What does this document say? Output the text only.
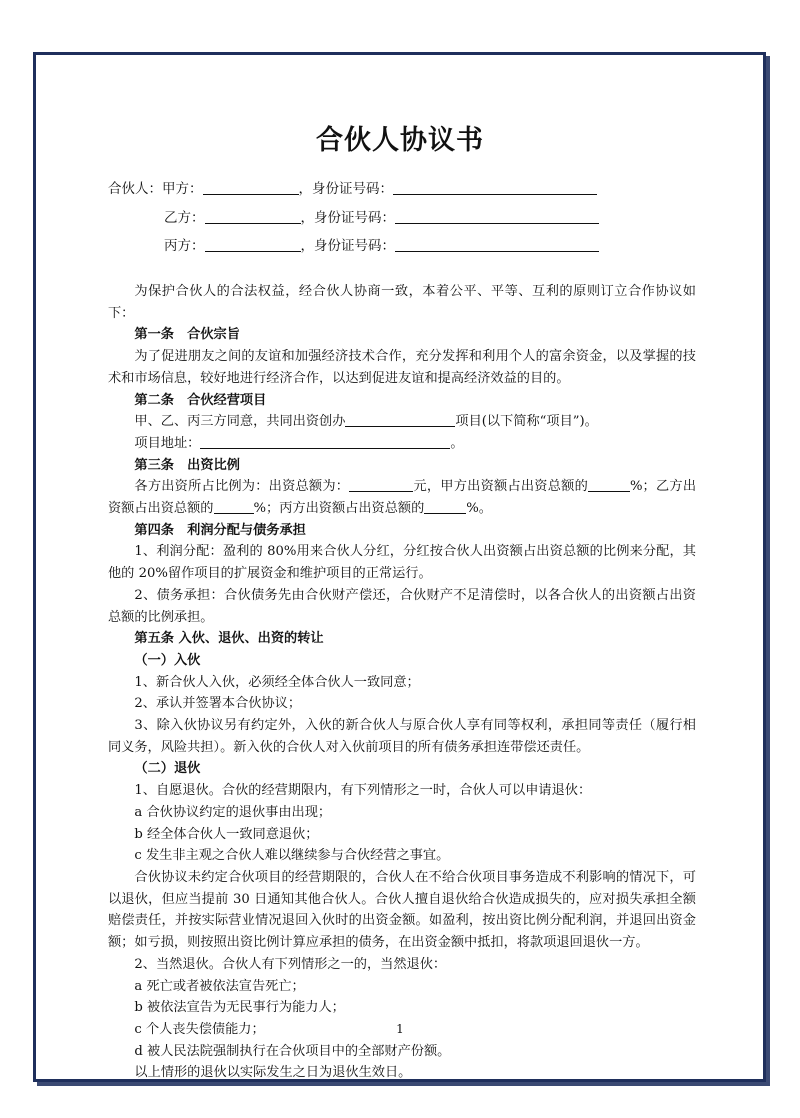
合伙人协议书
合伙人：甲方：	，身份证号码：
乙方：	，身份证号码：
丙方：	，身份证号码：

为保护合伙人的合法权益，经合伙人协商一致，本着公平、平等、互利的原则订立合作协议如下：

第一条　合伙宗旨

为了促进朋友之间的友谊和加强经济技术合作，充分发挥和利用个人的富余资金，以及掌握的技术和市场信息，较好地进行经济合作，以达到促进友谊和提高经济效益的目的。

第二条　合伙经营项目

甲、乙、丙三方同意，共同出资创办	项目(以下简称“项目”)。

项目地址：	。

第三条　出资比例

各方出资所占比例为：出资总额为：	元，甲方出资额占出资总额的	%；乙方出资额占出资总额的	%；丙方出资额占出资总额的	%。

第四条　利润分配与债务承担

1、利润分配：盈利的 80%用来合伙人分红，分红按合伙人出资额占出资总额的比例来分配，其他的 20%留作项目的扩展资金和维护项目的正常运行。

2、债务承担：合伙债务先由合伙财产偿还，合伙财产不足清偿时，以各合伙人的出资额占出资总额的比例承担。

第五条 入伙、退伙、出资的转让

（一）入伙

1、新合伙人入伙，必须经全体合伙人一致同意；

2、承认并签署本合伙协议；

3、除入伙协议另有约定外，入伙的新合伙人与原合伙人享有同等权利，承担同等责任（履行相同义务，风险共担）。新入伙的合伙人对入伙前项目的所有债务承担连带偿还责任。

（二）退伙

1、自愿退伙。合伙的经营期限内，有下列情形之一时，合伙人可以申请退伙：

a 合伙协议约定的退伙事由出现；

b 经全体合伙人一致同意退伙；

c 发生非主观之合伙人难以继续参与合伙经营之事宜。

合伙协议未约定合伙项目的经营期限的，合伙人在不给合伙项目事务造成不利影响的情况下，可以退伙，但应当提前 30 日通知其他合伙人。合伙人擅自退伙给合伙造成损失的，应对损失承担全额赔偿责任，并按实际营业情况退回入伙时的出资金额。如盈利，按出资比例分配利润，并退回出资金额；如亏损，则按照出资比例计算应承担的债务，在出资金额中抵扣，将款项退回退伙一方。

2、当然退伙。合伙人有下列情形之一的，当然退伙：

a 死亡或者被依法宣告死亡；

b 被依法宣告为无民事行为能力人；

c 个人丧失偿债能力；

d 被人民法院强制执行在合伙项目中的全部财产份额。

以上情形的退伙以实际发生之日为退伙生效日。

1
